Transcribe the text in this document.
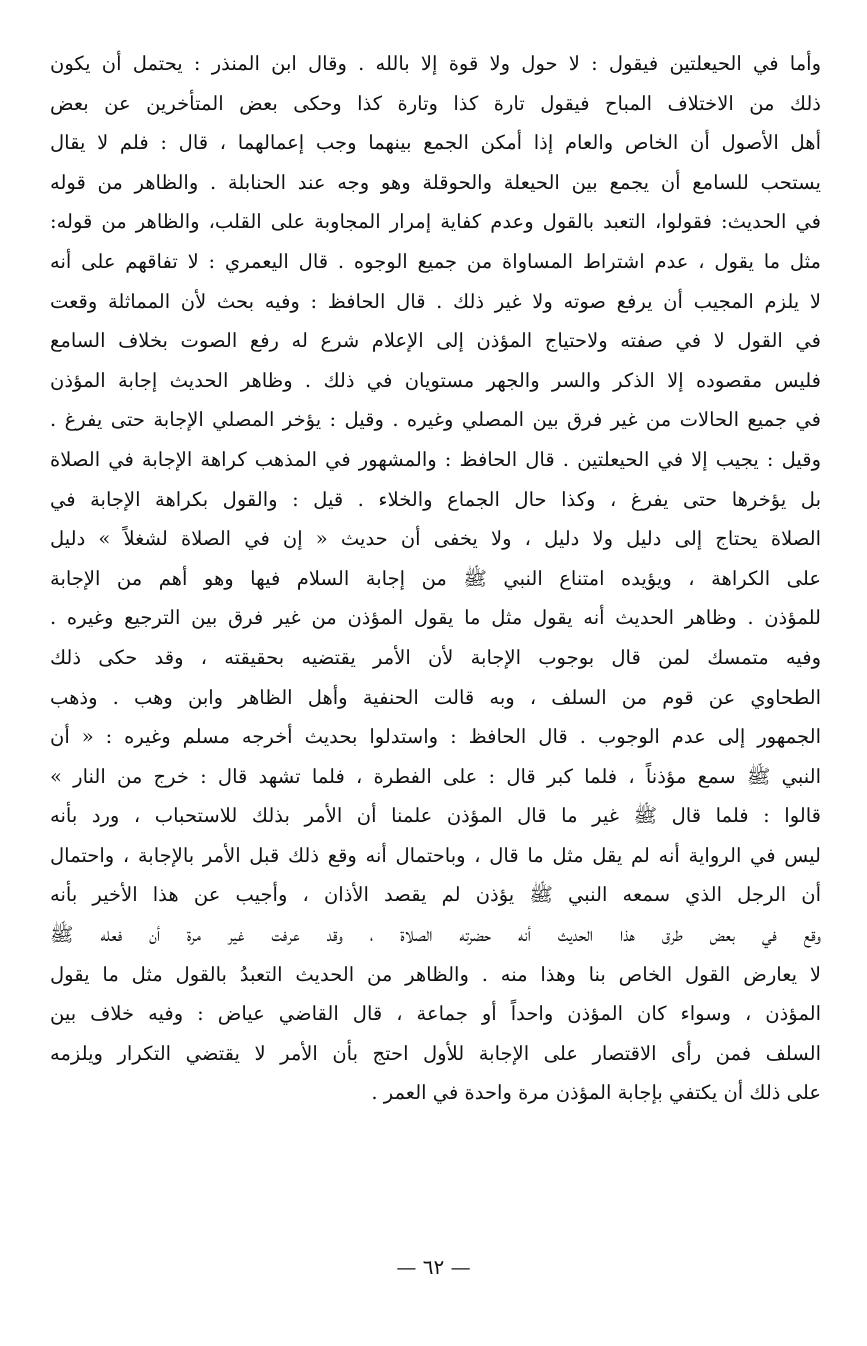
وأما في الحيعلتين فيقول : لا حول ولا قوة إلا بالله . وقال ابن المنذر : يحتمل أن يكون
ذلك من الاختلاف المباح فيقول تارة كذا وتارة كذا وحكى بعض المتأخرين عن بعض
أهل الأصول أن الخاص والعام إذا أمكن الجمع بينهما وجب إعمالهما ، قال : فلم لا يقال
يستحب للسامع أن يجمع بين الحيعلة والحوقلة وهو وجه عند الحنابلة . والظاهر من قوله
في الحديث: فقولوا، التعبد بالقول وعدم كفاية إمرار المجاوبة على القلب، والظاهر من قوله:
مثل ما يقول ، عدم اشتراط المساواة من جميع الوجوه . قال اليعمري : لا تفاقهم على أنه
لا يلزم المجيب أن يرفع صوته ولا غير ذلك . قال الحافظ : وفيه بحث لأن المماثلة وقعت
في القول لا في صفته ولاحتياج المؤذن إلى الإعلام شرع له رفع الصوت بخلاف السامع
فليس مقصوده إلا الذكر والسر والجهر مستويان في ذلك . وظاهر الحديث إجابة المؤذن
في جميع الحالات من غير فرق بين المصلي وغيره . وقيل : يؤخر المصلي الإجابة حتى يفرغ .
وقيل : يجيب إلا في الحيعلتين . قال الحافظ : والمشهور في المذهب كراهة الإجابة في الصلاة
بل يؤخرها حتى يفرغ ، وكذا حال الجماع والخلاء . قيل : والقول بكراهة الإجابة في
الصلاة يحتاج إلى دليل ولا دليل ، ولا يخفى أن حديث « إن في الصلاة لشغلاً » دليل
على الكراهة ، ويؤيده امتناع النبي ﷺ من إجابة السلام فيها وهو أهم من الإجابة
للمؤذن . وظاهر الحديث أنه يقول مثل ما يقول المؤذن من غير فرق بين الترجيع وغيره .
وفيه متمسك لمن قال بوجوب الإجابة لأن الأمر يقتضيه بحقيقته ، وقد حكى ذلك
الطحاوي عن قوم من السلف ، وبه قالت الحنفية وأهل الظاهر وابن وهب . وذهب
الجمهور إلى عدم الوجوب . قال الحافظ : واستدلوا بحديث أخرجه مسلم وغيره : « أن
النبي ﷺ سمع مؤذناً ، فلما كبر قال : على الفطرة ، فلما تشهد قال : خرج من النار »
قالوا : فلما قال ﷺ غير ما قال المؤذن علمنا أن الأمر بذلك للاستحباب ، ورد بأنه
ليس في الرواية أنه لم يقل مثل ما قال ، وباحتمال أنه وقع ذلك قبل الأمر بالإجابة ، واحتمال
أن الرجل الذي سمعه النبي ﷺ يؤذن لم يقصد الأذان ، وأجيب عن هذا الأخير بأنه
وقع في بعض طرق هذا الحديث أنه حضرته الصلاة ، وقد عرفت غير مرة أن فعله ﷺ
لا يعارض القول الخاص بنا وهذا منه . والظاهر من الحديث التعبدُ بالقول مثل ما يقول
المؤذن ، وسواء كان المؤذن واحداً أو جماعة ، قال القاضي عياض : وفيه خلاف بين
السلف فمن رأى الاقتصار على الإجابة للأول احتج بأن الأمر لا يقتضي التكرار ويلزمه
على ذلك أن يكتفي بإجابة المؤذن مرة واحدة في العمر .
— ٦٢ —
